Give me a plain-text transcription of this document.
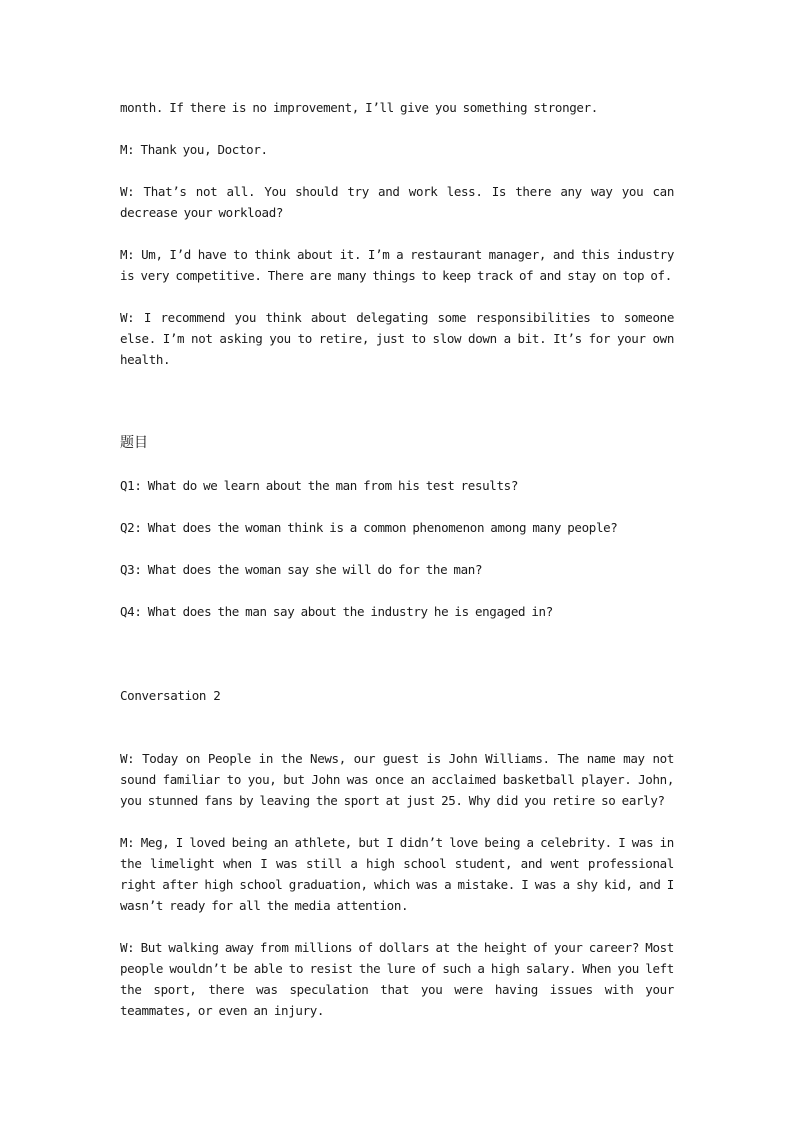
month. If there is no improvement, I’ll give you something stronger.

M: Thank you, Doctor.

W: That’s not all. You should try and work less. Is there any way you can decrease your workload?

M: Um, I’d have to think about it. I’m a restaurant manager, and this industry is very competitive. There are many things to keep track of and stay on top of.

W: I recommend you think about delegating some responsibilities to someone else. I’m not asking you to retire, just to slow down a bit. It’s for your own health.

题目

Q1: What do we learn about the man from his test results?

Q2: What does the woman think is a common phenomenon among many people?

Q3: What does the woman say she will do for the man?

Q4: What does the man say about the industry he is engaged in?

Conversation 2

W: Today on People in the News, our guest is John Williams. The name may not sound familiar to you, but John was once an acclaimed basketball player. John, you stunned fans by leaving the sport at just 25. Why did you retire so early?

M: Meg, I loved being an athlete, but I didn’t love being a celebrity. I was in the limelight when I was still a high school student, and went professional right after high school graduation, which was a mistake. I was a shy kid, and I wasn’t ready for all the media attention.

W: But walking away from millions of dollars at the height of your career? Most people wouldn’t be able to resist the lure of such a high salary. When you left the sport, there was speculation that you were having issues with your teammates, or even an injury.
